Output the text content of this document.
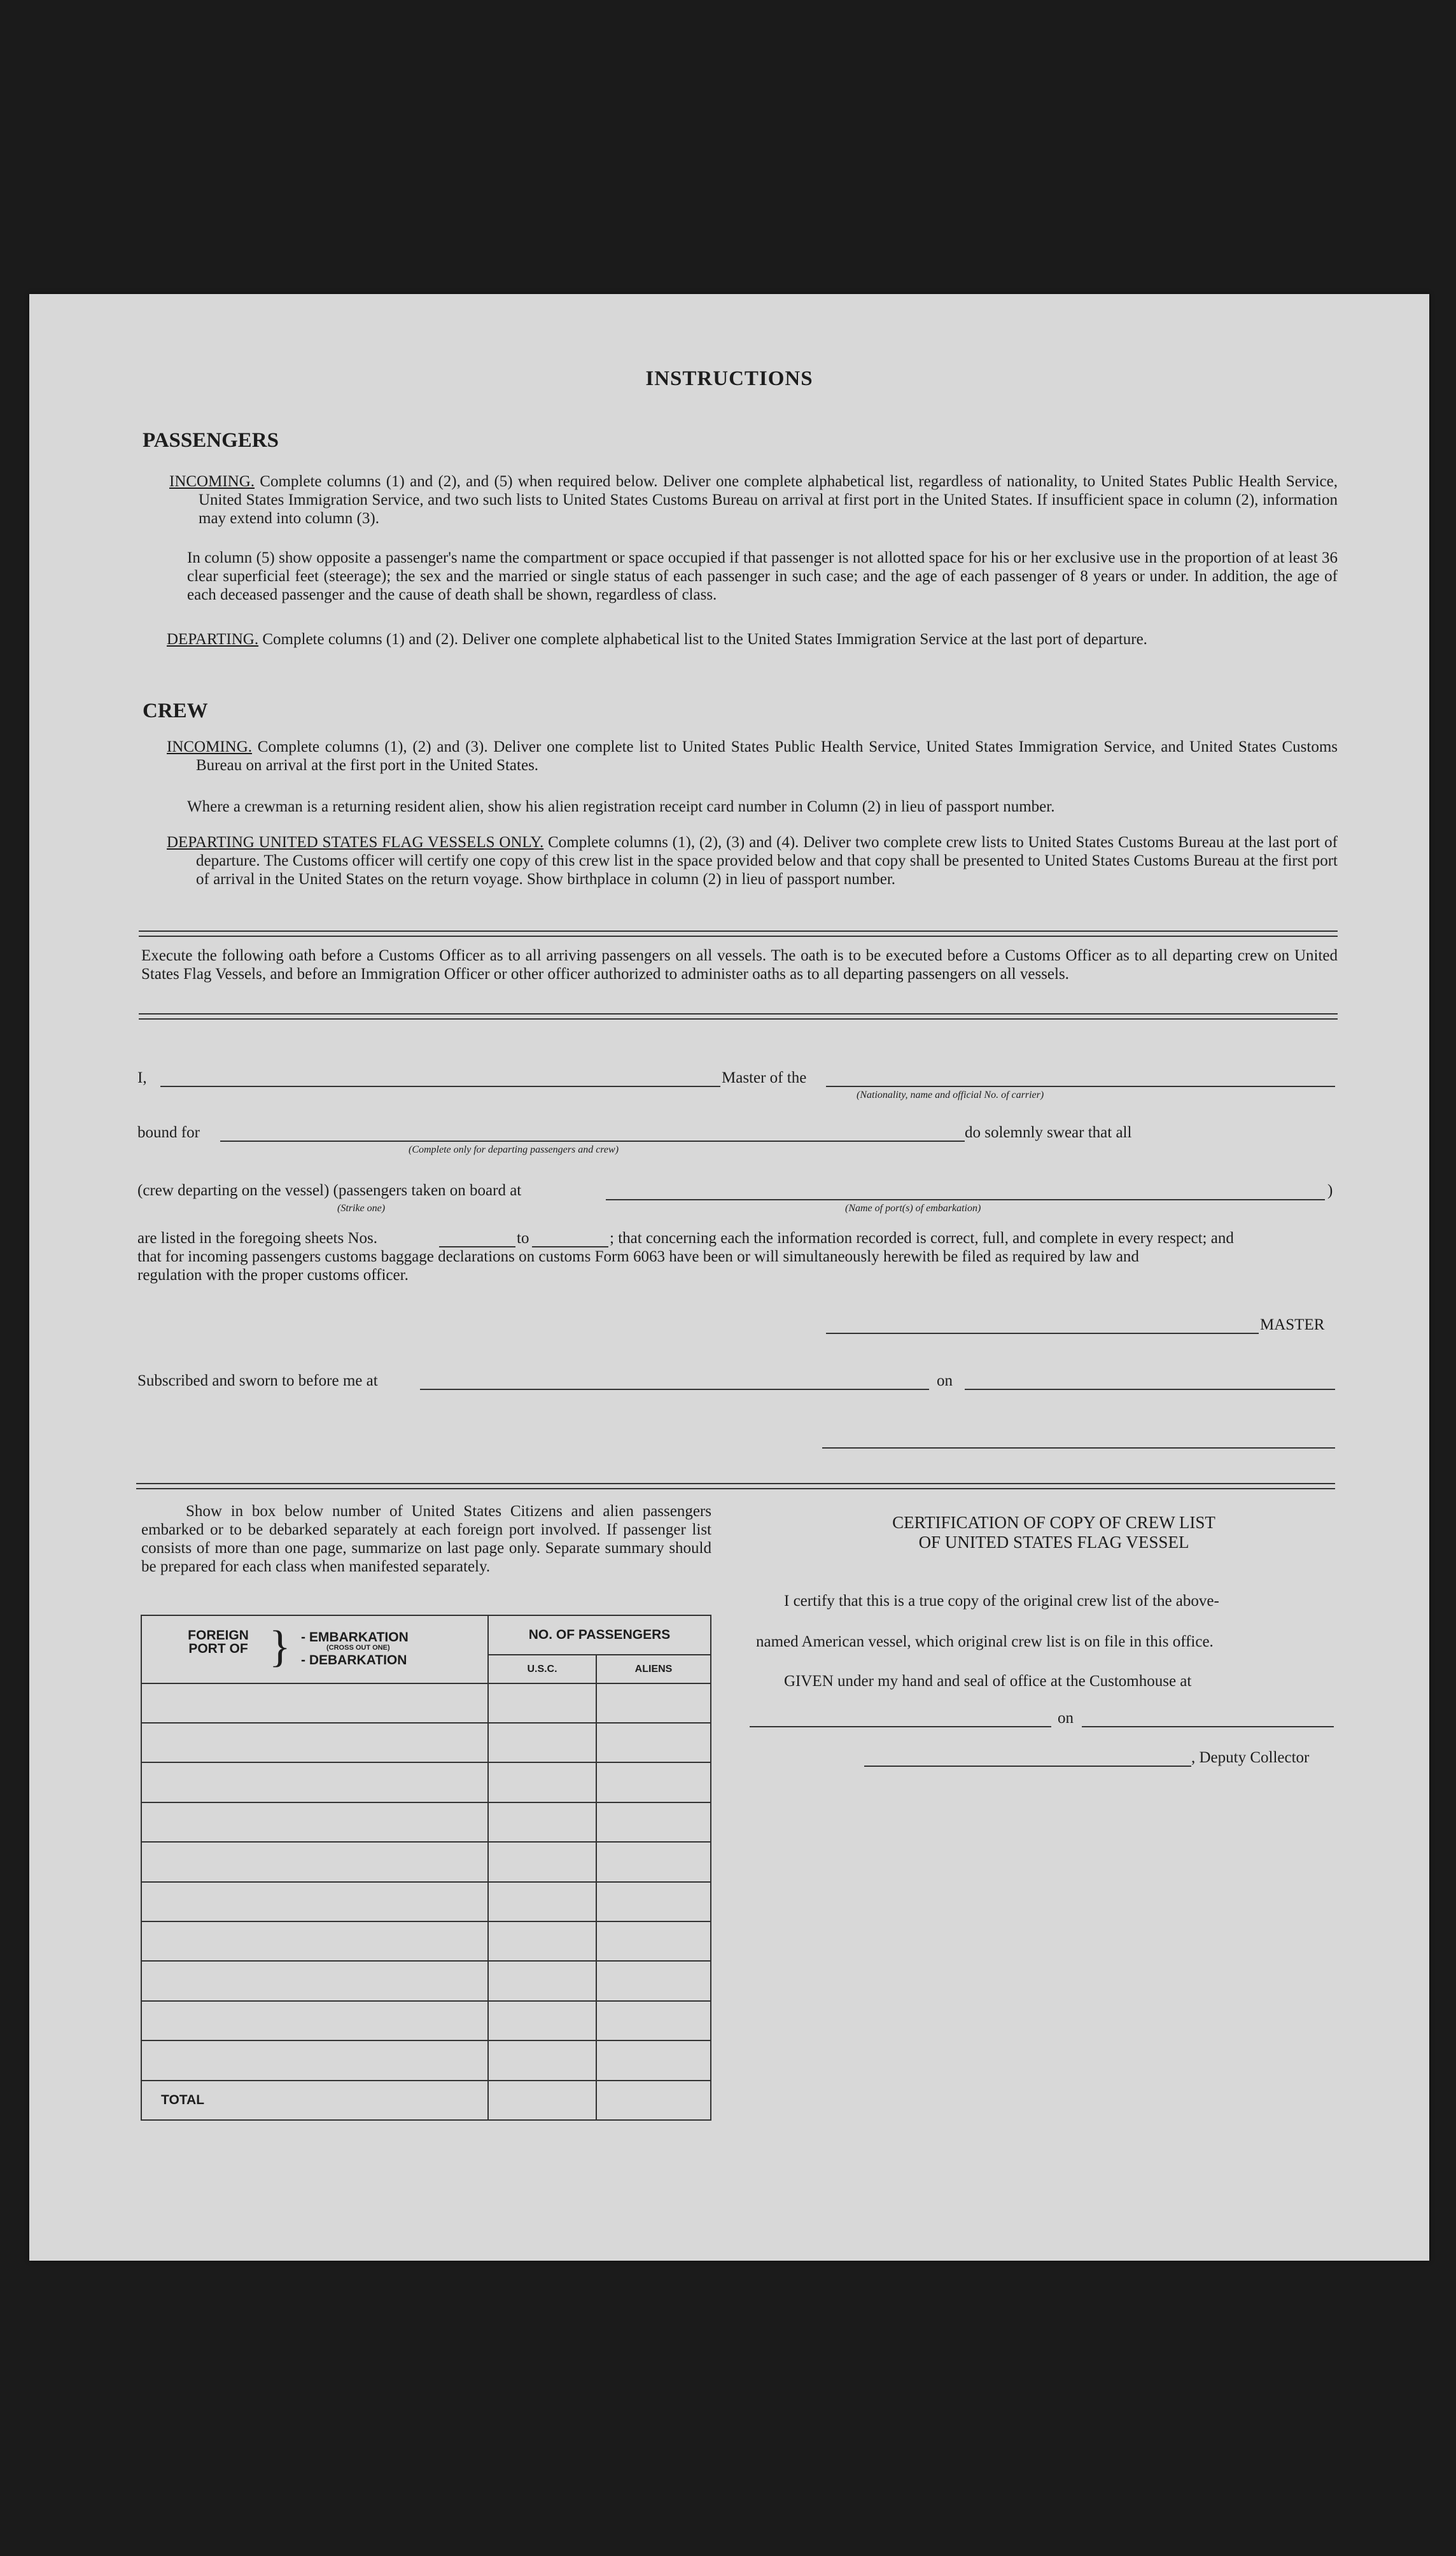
INSTRUCTIONS
PASSENGERS
INCOMING. Complete columns (1) and (2), and (5) when required below. Deliver one complete alphabetical list, regardless of nationality, to United States Public Health Service, United States Immigration Service, and two such lists to United States Customs Bureau on arrival at first port in the United States. If insufficient space in column (2), information may extend into column (3).
In column (5) show opposite a passenger's name the compartment or space occupied if that passenger is not allotted space for his or her exclusive use in the proportion of at least 36 clear superficial feet (steerage); the sex and the married or single status of each passenger in such case; and the age of each passenger of 8 years or under. In addition, the age of each deceased passenger and the cause of death shall be shown, regardless of class.
DEPARTING. Complete columns (1) and (2). Deliver one complete alphabetical list to the United States Immigration Service at the last port of departure.
CREW
INCOMING. Complete columns (1), (2) and (3). Deliver one complete list to United States Public Health Service, United States Immigration Service, and United States Customs Bureau on arrival at the first port in the United States.
Where a crewman is a returning resident alien, show his alien registration receipt card number in Column (2) in lieu of passport number.
DEPARTING UNITED STATES FLAG VESSELS ONLY. Complete columns (1), (2), (3) and (4). Deliver two complete crew lists to United States Customs Bureau at the last port of departure. The Customs officer will certify one copy of this crew list in the space provided below and that copy shall be presented to United States Customs Bureau at the first port of arrival in the United States on the return voyage. Show birthplace in column (2) in lieu of passport number.
Execute the following oath before a Customs Officer as to all arriving passengers on all vessels. The oath is to be executed before a Customs Officer as to all departing crew on United States Flag Vessels, and before an Immigration Officer or other officer authorized to administer oaths as to all departing passengers on all vessels.
I,	Master of the
(Nationality, name and official No. of carrier)
bound for	do solemnly swear that all
(Complete only for departing passengers and crew)
(crew departing on the vessel) (passengers taken on board at	)
(Strike one)	(Name of port(s) of embarkation)
are listed in the foregoing sheets Nos.	to	; that concerning each the information recorded is correct, full, and complete in every respect; and
that for incoming passengers customs baggage declarations on customs Form 6063 have been or will simultaneously herewith be filed as required by law and
regulation with the proper customs officer.
MASTER
Subscribed and sworn to before me at	on
Show in box below number of United States Citizens and alien passengers embarked or to be debarked separately at each foreign port involved. If passenger list consists of more than one page, summarize on last page only. Separate summary should be prepared for each class when manifested separately.
FOREIGN PORT OF } - EMBARKATION
(CROSS OUT ONE)
- DEBARKATION	NO. OF PASSENGERS	
	U.S.C.	ALIENS

TOTAL		
CERTIFICATION OF COPY OF CREW LIST
OF UNITED STATES FLAG VESSEL
I certify that this is a true copy of the original crew list of the above-
named American vessel, which original crew list is on file in this office.
GIVEN under my hand and seal of office at the Customhouse at
on
, Deputy Collector
